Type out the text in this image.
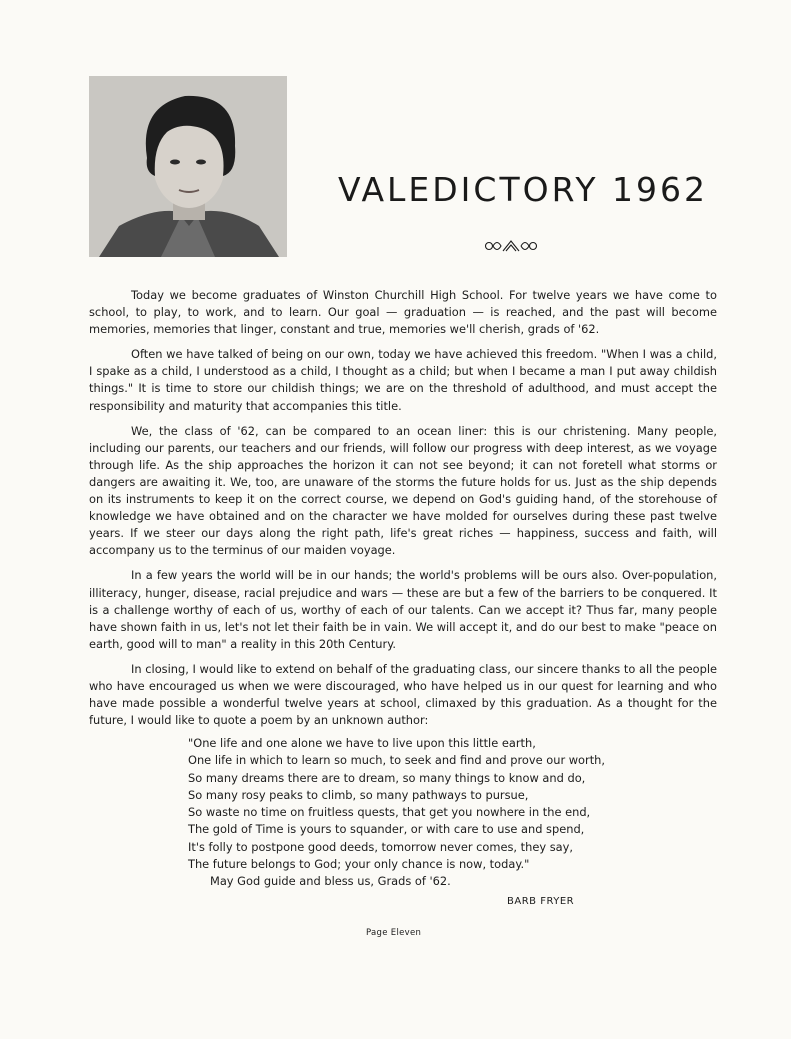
VALEDICTORY 1962

Today we become graduates of Winston Churchill High School. For twelve years we have come to school, to play, to work, and to learn. Our goal — graduation — is reached, and the past will become memories, memories that linger, constant and true, memories we'll cherish, grads of '62.

Often we have talked of being on our own, today we have achieved this freedom. "When I was a child, I spake as a child, I understood as a child, I thought as a child; but when I became a man I put away childish things." It is time to store our childish things; we are on the threshold of adulthood, and must accept the responsibility and maturity that accompanies this title.

We, the class of '62, can be compared to an ocean liner: this is our christening. Many people, including our parents, our teachers and our friends, will follow our progress with deep interest, as we voyage through life. As the ship approaches the horizon it can not see beyond; it can not foretell what storms or dangers are awaiting it. We, too, are unaware of the storms the future holds for us. Just as the ship depends on its instruments to keep it on the correct course, we depend on God's guiding hand, of the storehouse of knowledge we have obtained and on the character we have molded for ourselves during these past twelve years. If we steer our days along the right path, life's great riches — happiness, success and faith, will accompany us to the terminus of our maiden voyage.

In a few years the world will be in our hands; the world's problems will be ours also. Over-population, illiteracy, hunger, disease, racial prejudice and wars — these are but a few of the barriers to be conquered. It is a challenge worthy of each of us, worthy of each of our talents. Can we accept it? Thus far, many people have shown faith in us, let's not let their faith be in vain. We will accept it, and do our best to make "peace on earth, good will to man" a reality in this 20th Century.

In closing, I would like to extend on behalf of the graduating class, our sincere thanks to all the people who have encouraged us when we were discouraged, who have helped us in our quest for learning and who have made possible a wonderful twelve years at school, climaxed by this graduation. As a thought for the future, I would like to quote a poem by an unknown author:

"One life and one alone we have to live upon this little earth,
One life in which to learn so much, to seek and find and prove our worth,
So many dreams there are to dream, so many things to know and do,
So many rosy peaks to climb, so many pathways to pursue,
So waste no time on fruitless quests, that get you nowhere in the end,
The gold of Time is yours to squander, or with care to use and spend,
It's folly to postpone good deeds, tomorrow never comes, they say,
The future belongs to God; your only chance is now, today."
May God guide and bless us, Grads of '62.
BARB FRYER
Page Eleven
